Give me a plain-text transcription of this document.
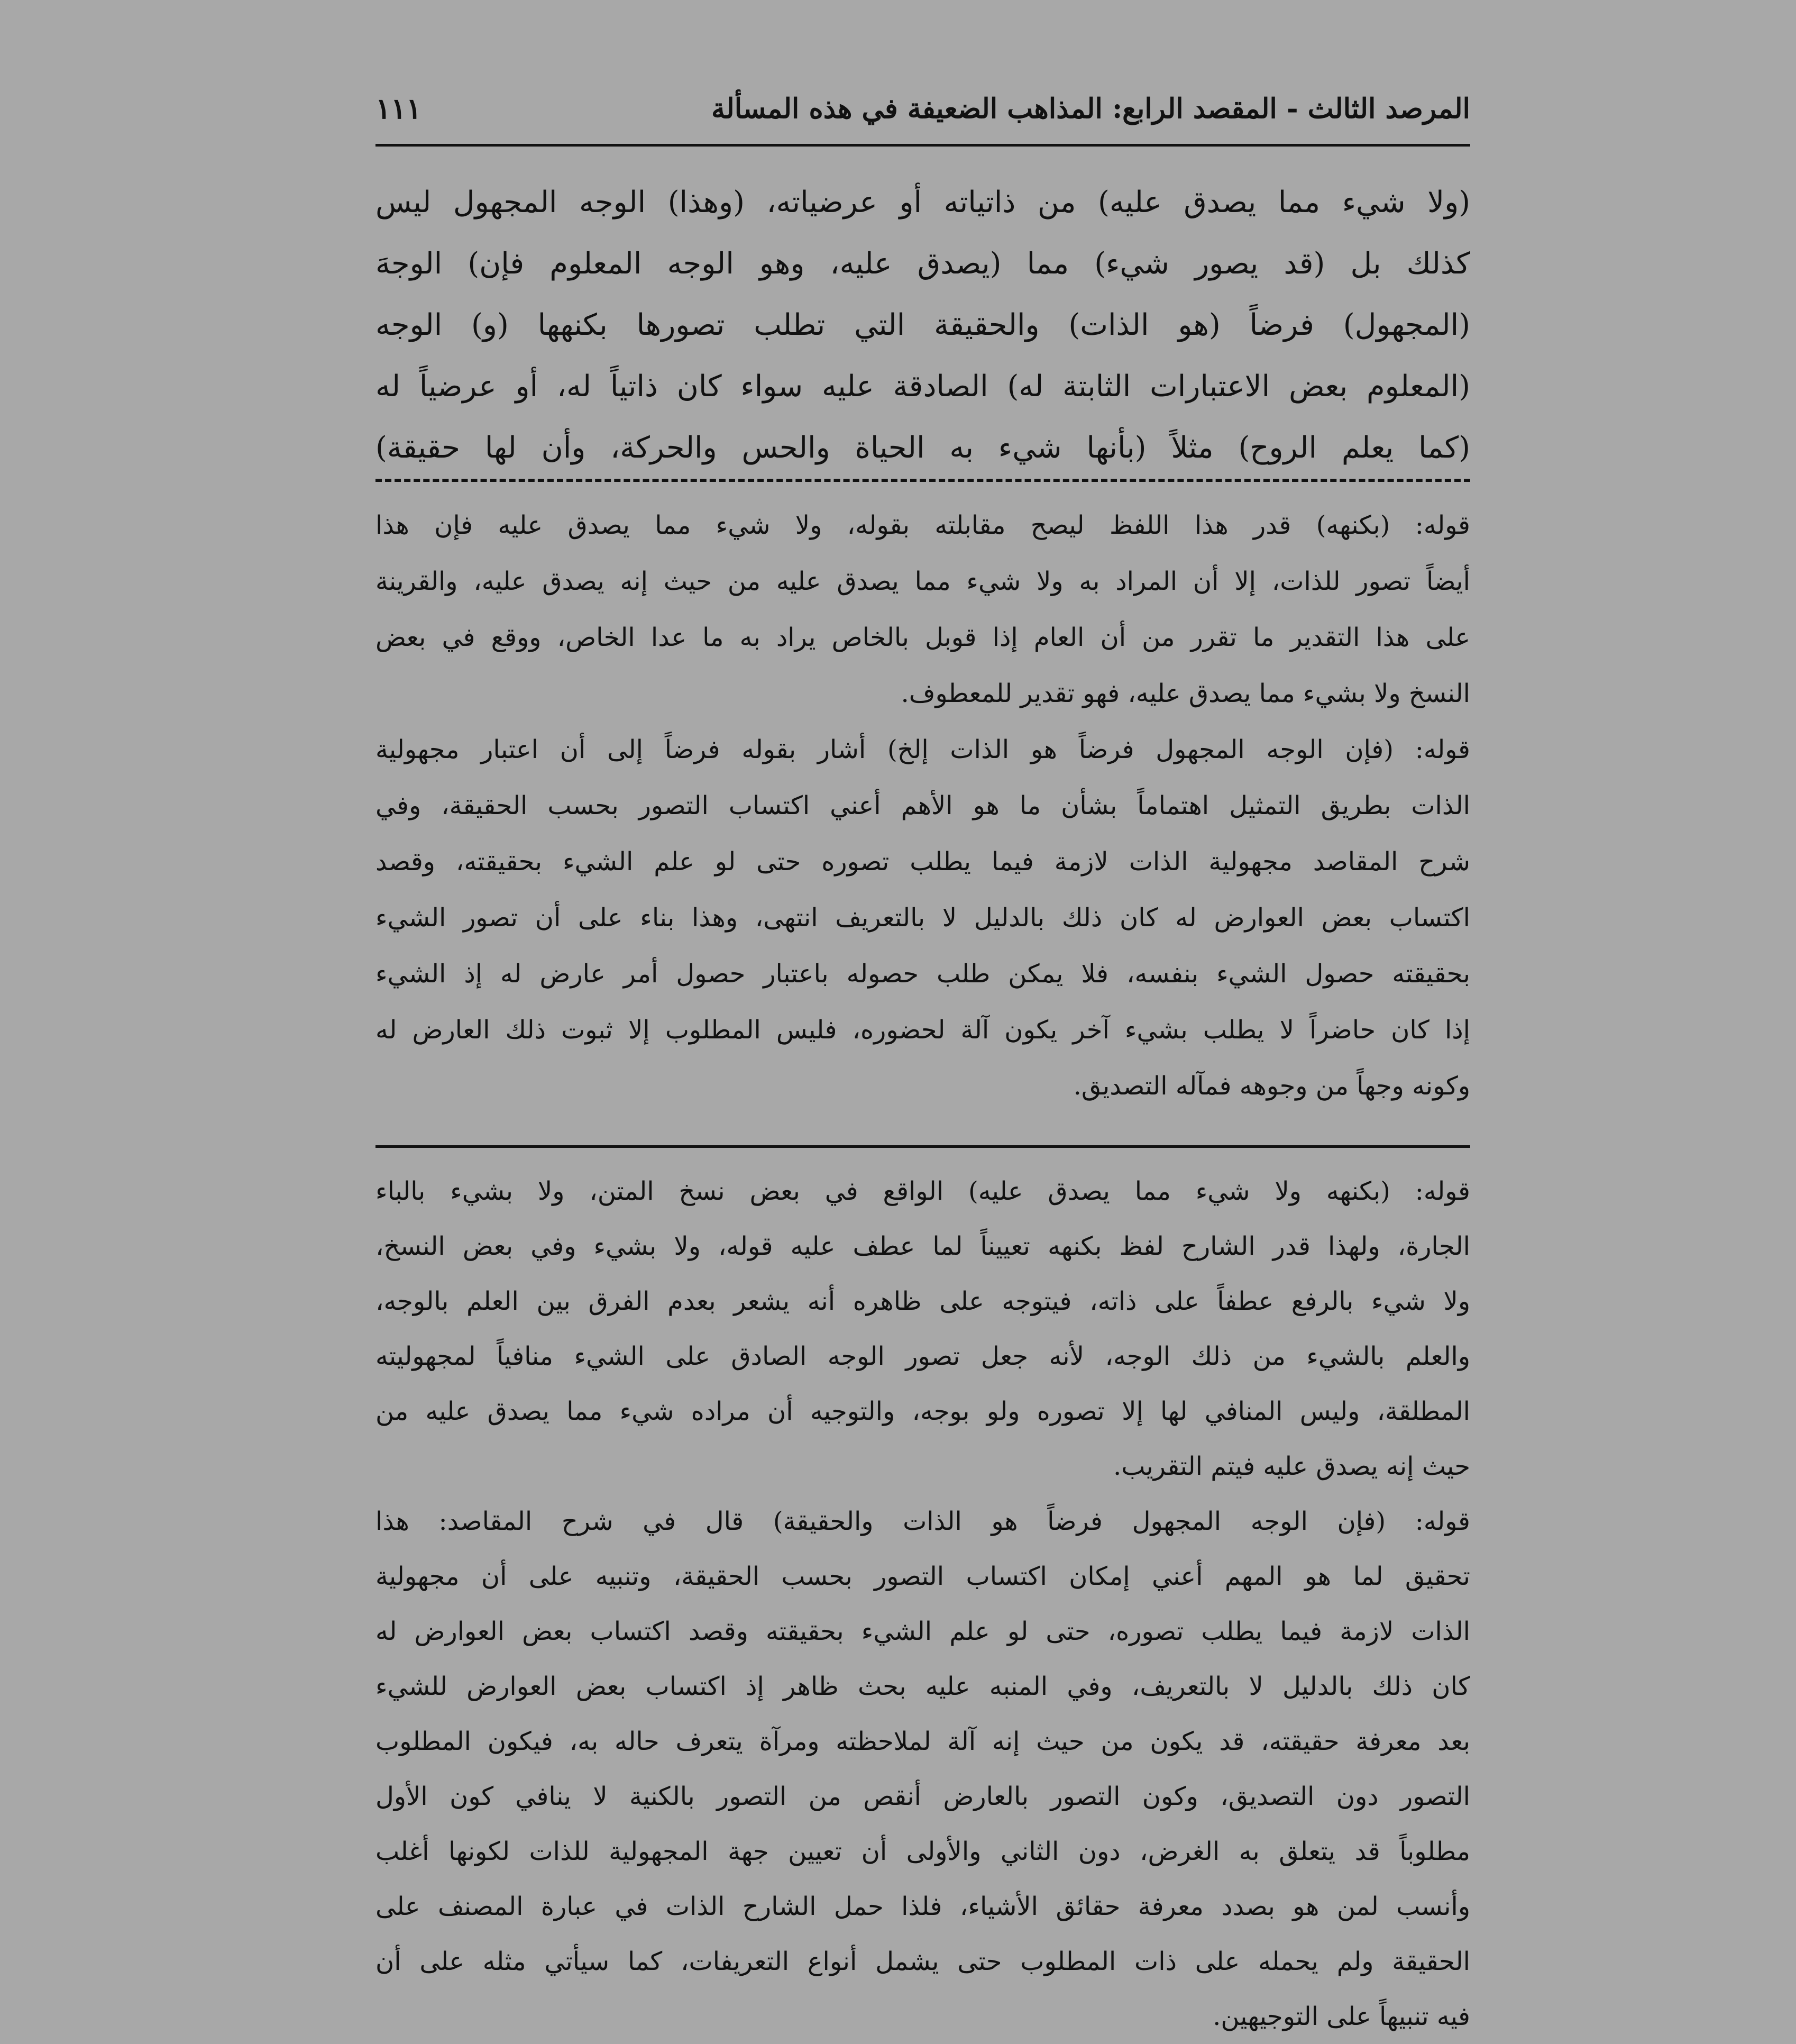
المرصد الثالث - المقصد الرابع: المذاهب الضعيفة في هذه المسألة
١١١
(ولا شيء مما يصدق عليه) من ذاتياته أو عرضياته، (وهذا) الوجه المجهول ليس
كذلك بل (قد يصور شيء) مما (يصدق عليه، وهو الوجه المعلوم فإن) الوجهَ
(المجهول) فرضاً (هو الذات) والحقيقة التي تطلب تصورها بكنهها (و) الوجه
(المعلوم بعض الاعتبارات الثابتة له) الصادقة عليه سواء كان ذاتياً له، أو عرضياً له
(كما يعلم الروح) مثلاً (بأنها شيء به الحياة والحس والحركة، وأن لها حقيقة)
قوله: (بكنهه) قدر هذا اللفظ ليصح مقابلته بقوله، ولا شيء مما يصدق عليه فإن هذا
أيضاً تصور للذات، إلا أن المراد به ولا شيء مما يصدق عليه من حيث إنه يصدق عليه، والقرينة
على هذا التقدير ما تقرر من أن العام إذا قوبل بالخاص يراد به ما عدا الخاص، ووقع في بعض
النسخ ولا بشيء مما يصدق عليه، فهو تقدير للمعطوف.
قوله: (فإن الوجه المجهول فرضاً هو الذات إلخ) أشار بقوله فرضاً إلى أن اعتبار مجهولية
الذات بطريق التمثيل اهتماماً بشأن ما هو الأهم أعني اكتساب التصور بحسب الحقيقة، وفي
شرح المقاصد مجهولية الذات لازمة فيما يطلب تصوره حتى لو علم الشيء بحقيقته، وقصد
اكتساب بعض العوارض له كان ذلك بالدليل لا بالتعريف انتهى، وهذا بناء على أن تصور الشيء
بحقيقته حصول الشيء بنفسه، فلا يمكن طلب حصوله باعتبار حصول أمر عارض له إذ الشيء
إذا كان حاضراً لا يطلب بشيء آخر يكون آلة لحضوره، فليس المطلوب إلا ثبوت ذلك العارض له
وكونه وجهاً من وجوهه فمآله التصديق.
قوله: (بكنهه ولا شيء مما يصدق عليه) الواقع في بعض نسخ المتن، ولا بشيء بالباء
الجارة، ولهذا قدر الشارح لفظ بكنهه تعييناً لما عطف عليه قوله، ولا بشيء وفي بعض النسخ،
ولا شيء بالرفع عطفاً على ذاته، فيتوجه على ظاهره أنه يشعر بعدم الفرق بين العلم بالوجه،
والعلم بالشيء من ذلك الوجه، لأنه جعل تصور الوجه الصادق على الشيء منافياً لمجهوليته
المطلقة، وليس المنافي لها إلا تصوره ولو بوجه، والتوجيه أن مراده شيء مما يصدق عليه من
حيث إنه يصدق عليه فيتم التقريب.
قوله: (فإن الوجه المجهول فرضاً هو الذات والحقيقة) قال في شرح المقاصد: هذا
تحقيق لما هو المهم أعني إمكان اكتساب التصور بحسب الحقيقة، وتنبيه على أن مجهولية
الذات لازمة فيما يطلب تصوره، حتى لو علم الشيء بحقيقته وقصد اكتساب بعض العوارض له
كان ذلك بالدليل لا بالتعريف، وفي المنبه عليه بحث ظاهر إذ اكتساب بعض العوارض للشيء
بعد معرفة حقيقته، قد يكون من حيث إنه آلة لملاحظته ومرآة يتعرف حاله به، فيكون المطلوب
التصور دون التصديق، وكون التصور بالعارض أنقص من التصور بالكنية لا ينافي كون الأول
مطلوباً قد يتعلق به الغرض، دون الثاني والأولى أن تعيين جهة المجهولية للذات لكونها أغلب
وأنسب لمن هو بصدد معرفة حقائق الأشياء، فلذا حمل الشارح الذات في عبارة المصنف على
الحقيقة ولم يحمله على ذات المطلوب حتى يشمل أنواع التعريفات، كما سيأتي مثله على أن
فيه تنبيهاً على التوجيهين.
